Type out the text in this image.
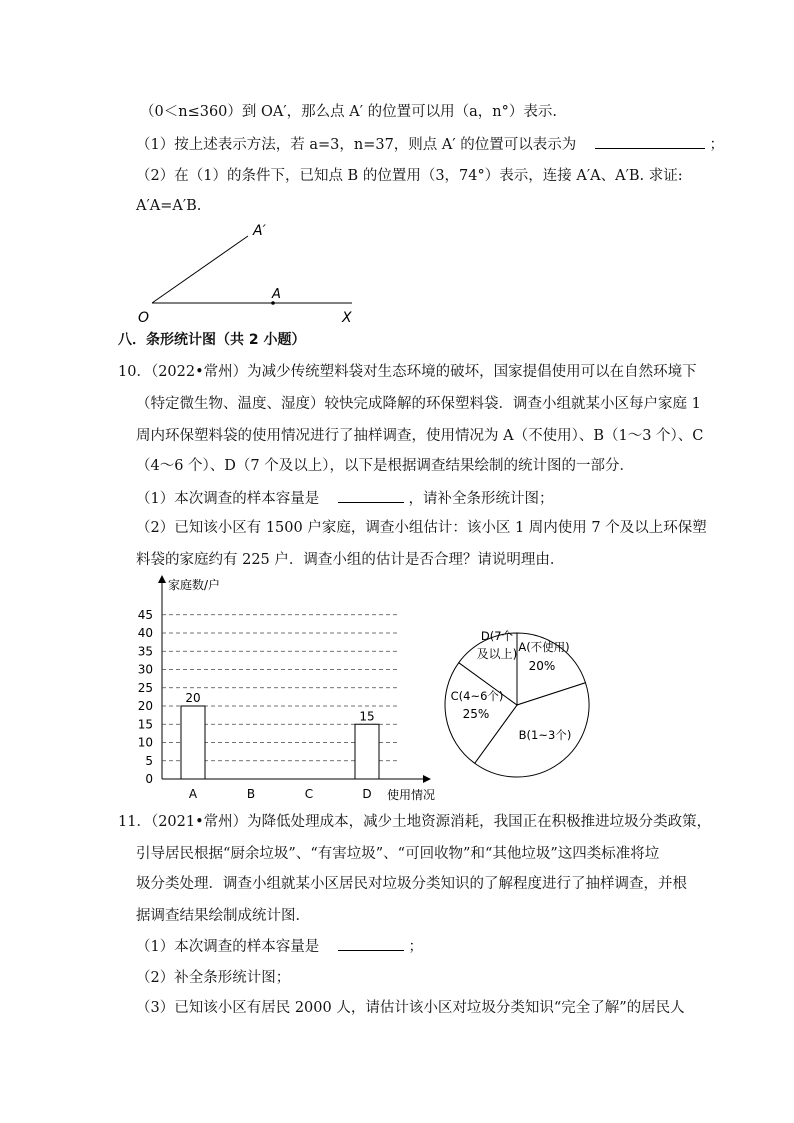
（0＜n≤360）到 OA′，那么点 A′ 的位置可以用（a，n°）表示.
（1）按上述表示方法，若 a=3，n=37，则点 A′ 的位置可以表示为	；
（2）在（1）的条件下，已知点 B 的位置用（3，74°）表示，连接 A′A、A′B. 求证:
A′A=A′B.
A′
A
O	X
八．条形统计图（共 2 小题）
10．（2022•常州）为减少传统塑料袋对生态环境的破坏，国家提倡使用可以在自然环境下
（特定微生物、温度、湿度）较快完成降解的环保塑料袋．调查小组就某小区每户家庭 1
周内环保塑料袋的使用情况进行了抽样调查，使用情况为 A（不使用）、B（1～3 个）、C
（4～6 个）、D（7 个及以上），以下是根据调查结果绘制的统计图的一部分．
（1）本次调查的样本容量是	，请补全条形统计图；
（2）已知该小区有 1500 户家庭，调查小组估计：该小区 1 周内使用 7 个及以上环保塑
料袋的家庭约有 225 户．调查小组的估计是否合理？请说明理由．
家庭数/户
使用情况
0
5
10
15
20
25
30
35
40
45
20
15
A	B	C	D
A(不使用)
20%
B(1~3个)
C(4~6个)
25%
D(7个
及以上)
11．（2021•常州）为降低处理成本，减少土地资源消耗，我国正在积极推进垃圾分类政策，
引导居民根据“厨余垃圾”、“有害垃圾”、“可回收物”和“其他垃圾”这四类标准将垃
圾分类处理．调查小组就某小区居民对垃圾分类知识的了解程度进行了抽样调查，并根
据调查结果绘制成统计图．
（1）本次调查的样本容量是	；
（2）补全条形统计图；
（3）已知该小区有居民 2000 人，请估计该小区对垃圾分类知识“完全了解”的居民人
